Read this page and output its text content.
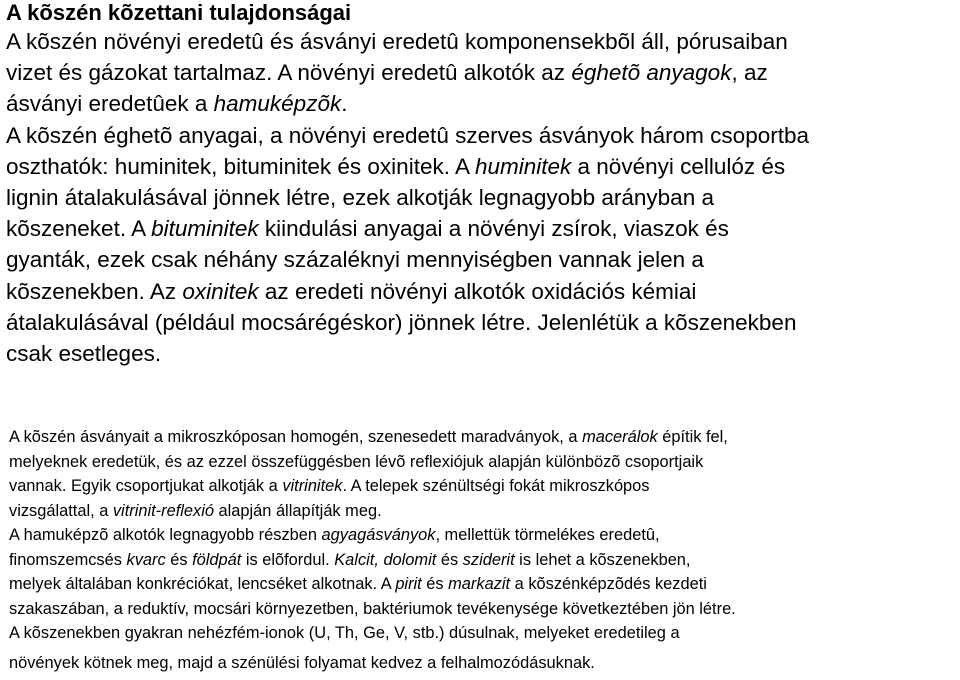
A kõszén kõzettani tulajdonságai
A kõszén növényi eredetû és ásványi eredetû komponensekbõl áll, pórusaiban
vizet és gázokat tartalmaz. A növényi eredetû alkotók az éghetõ anyagok, az
ásványi eredetûek a hamuképzõk.
A kõszén éghetõ anyagai, a növényi eredetû szerves ásványok három csoportba
oszthatók: huminitek, bituminitek és oxinitek. A huminitek a növényi cellulóz és
lignin átalakulásával jönnek létre, ezek alkotják legnagyobb arányban a
kõszeneket. A bituminitek kiindulási anyagai a növényi zsírok, viaszok és
gyanták, ezek csak néhány százaléknyi mennyiségben vannak jelen a
kõszenekben. Az oxinitek az eredeti növényi alkotók oxidációs kémiai
átalakulásával (például mocsárégéskor) jönnek létre. Jelenlétük a kõszenekben
csak esetleges.
A kõszén ásványait a mikroszkóposan homogén, szenesedett maradványok, a macerálok építik fel,
melyeknek eredetük, és az ezzel összefüggésben lévõ reflexiójuk alapján különbözõ csoportjaik
vannak. Egyik csoportjukat alkotják a vitrinitek. A telepek szénültségi fokát mikroszkópos
vizsgálattal, a vitrinit-reflexió alapján állapítják meg.
A hamuképzõ alkotók legnagyobb részben agyagásványok, mellettük törmelékes eredetû,
finomszemcsés kvarc és földpát is elõfordul. Kalcit, dolomit és sziderit is lehet a kõszenekben,
melyek általában konkréciókat, lencséket alkotnak. A pirit és markazit a kõszénképzõdés kezdeti
szakaszában, a reduktív, mocsári környezetben, baktériumok tevékenysége következtében jön létre.
A kõszenekben gyakran nehézfém-ionok (U, Th, Ge, V, stb.) dúsulnak, melyeket eredetileg a
növények kötnek meg, majd a szénülési folyamat kedvez a felhalmozódásuknak.
